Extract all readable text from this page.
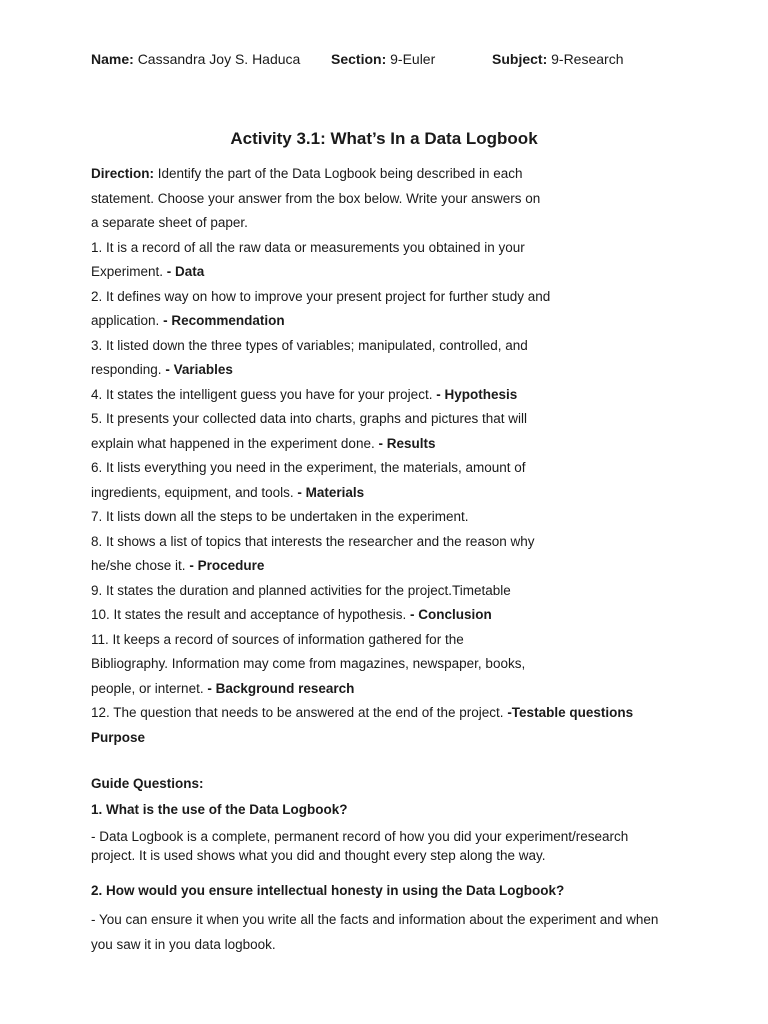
Name: Cassandra Joy S. Haduca Section: 9-Euler	Subject: 9-Research
Activity 3.1: What’s In a Data Logbook
Direction: Identify the part of the Data Logbook being described in each
statement. Choose your answer from the box below. Write your answers on
a separate sheet of paper.
1. It is a record of all the raw data or measurements you obtained in your
Experiment. - Data
2. It defines way on how to improve your present project for further study and
application. - Recommendation
3. It listed down the three types of variables; manipulated, controlled, and
responding. - Variables
4. It states the intelligent guess you have for your project. - Hypothesis
5. It presents your collected data into charts, graphs and pictures that will
explain what happened in the experiment done. - Results
6. It lists everything you need in the experiment, the materials, amount of
ingredients, equipment, and tools. - Materials
7. It lists down all the steps to be undertaken in the experiment.
8. It shows a list of topics that interests the researcher and the reason why
he/she chose it. - Procedure
9. It states the duration and planned activities for the project.Timetable
10. It states the result and acceptance of hypothesis. - Conclusion
11. It keeps a record of sources of information gathered for the
Bibliography. Information may come from magazines, newspaper, books,
people, or internet. - Background research
12. The question that needs to be answered at the end of the project. -Testable questions
Purpose
Guide Questions:
1. What is the use of the Data Logbook?
- Data Logbook is a complete, permanent record of how you did your experiment/research
project. It is used shows what you did and thought every step along the way.
2. How would you ensure intellectual honesty in using the Data Logbook?
- You can ensure it when you write all the facts and information about the experiment and when
you saw it in you data logbook.
